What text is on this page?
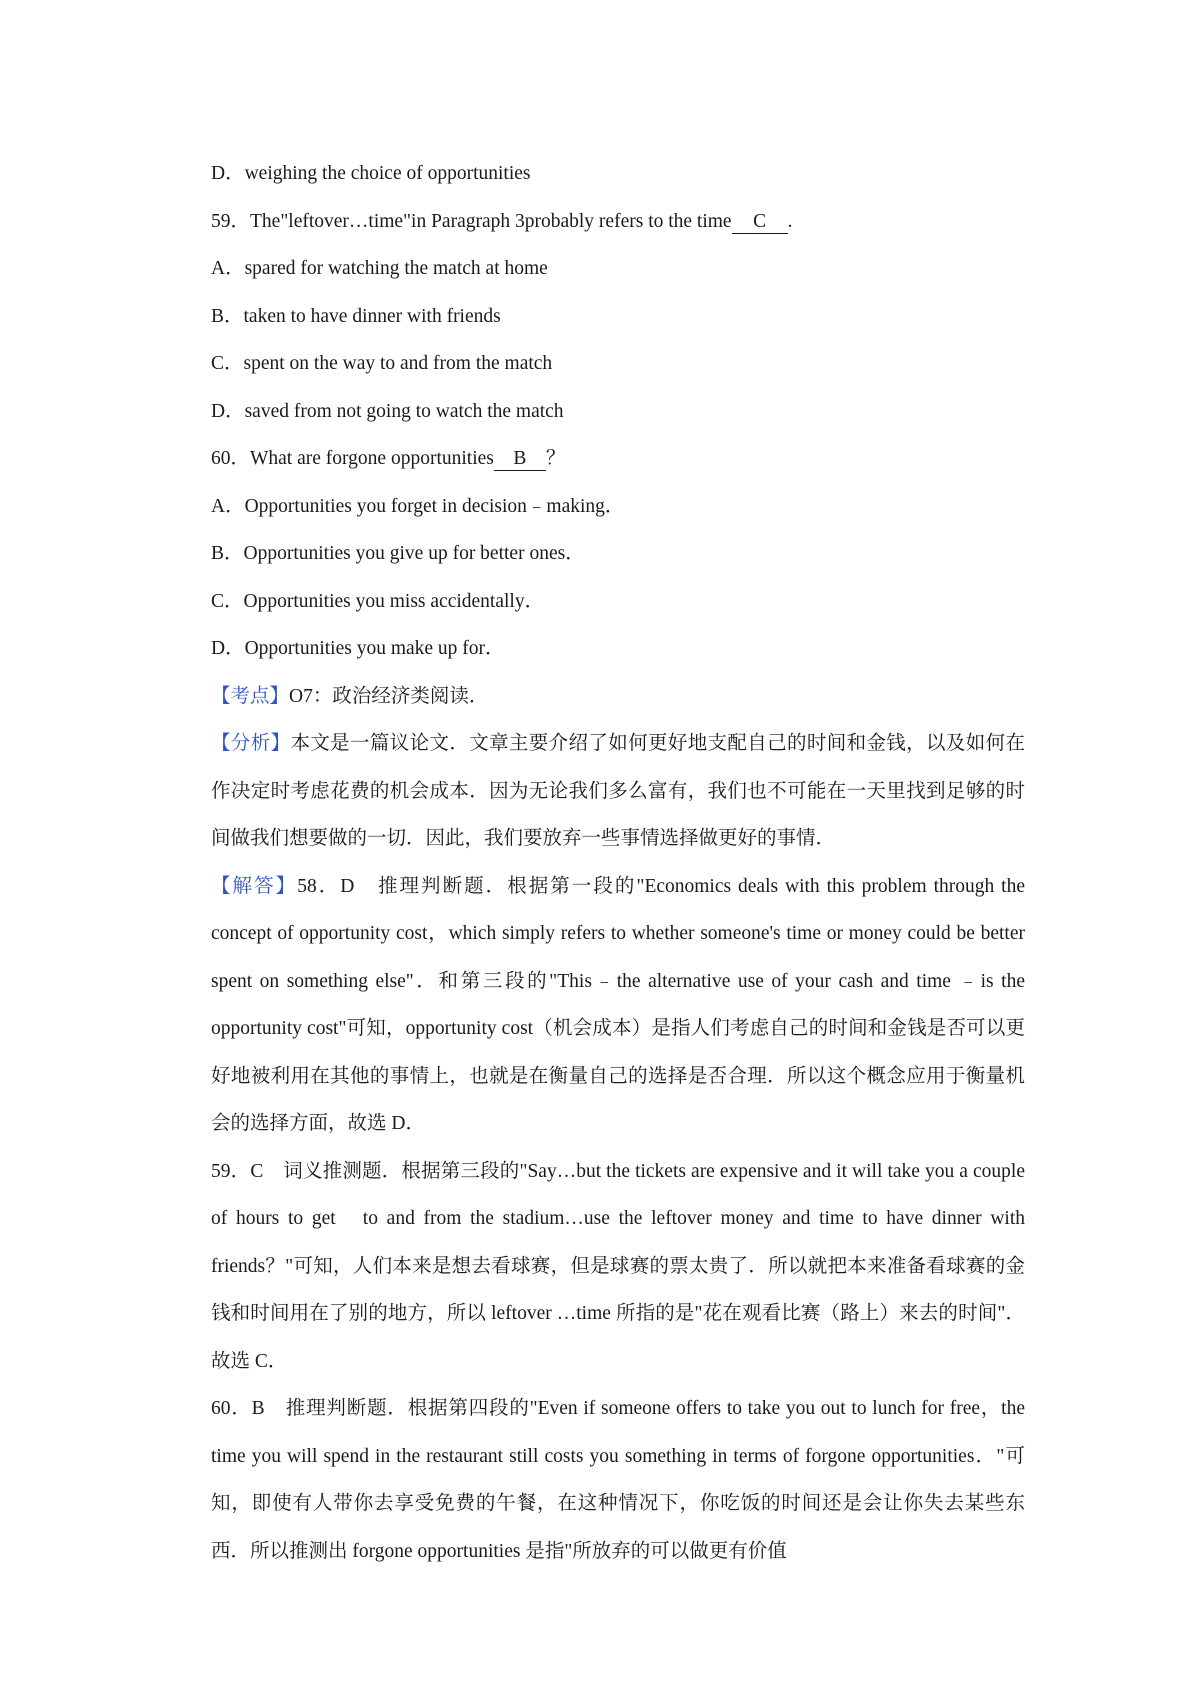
D．weighing the choice of opportunities
59．The"leftover…time"in Paragraph 3probably refers to the time C .
A．spared for watching the match at home
B．taken to have dinner with friends
C．spent on the way to and from the match
D．saved from not going to watch the match
60．What are forgone opportunities B ？
A．Opportunities you forget in decision﹣making．
B．Opportunities you give up for better ones．
C．Opportunities you miss accidentally．
D．Opportunities you make up for．
【考点】O7：政治经济类阅读．
【分析】本文是一篇议论文．文章主要介绍了如何更好地支配自己的时间和金钱，以及如何在作决定时考虑花费的机会成本．因为无论我们多么富有，我们也不可能在一天里找到足够的时间做我们想要做的一切．因此，我们要放弃一些事情选择做更好的事情．
【解答】58．D　推理判断题．根据第一段的"Economics deals with this problem through the concept of opportunity cost，which simply refers to whether someone's time or money could be better spent on something else"．和第三段的"This﹣the alternative use of your cash and time ﹣is the opportunity cost"可知，opportunity cost（机会成本）是指人们考虑自己的时间和金钱是否可以更好地被利用在其他的事情上，也就是在衡量自己的选择是否合理．所以这个概念应用于衡量机会的选择方面，故选 D．
59．C　词义推测题．根据第三段的"Say…but the tickets are expensive and it will take you a couple of hours to get　to and from the stadium…use the leftover money and time to have dinner with friends？"可知，人们本来是想去看球赛，但是球赛的票太贵了．所以就把本来准备看球赛的金钱和时间用在了别的地方，所以 leftover …time 所指的是"花在观看比赛（路上）来去的时间"．故选 C．
60．B　推理判断题．根据第四段的"Even if someone offers to take you out to lunch for free，the time you will spend in the restaurant still costs you something in terms of forgone opportunities．"可知，即使有人带你去享受免费的午餐，在这种情况下，你吃饭的时间还是会让你失去某些东西．所以推测出 forgone opportunities 是指"所放弃的可以做更有价值
